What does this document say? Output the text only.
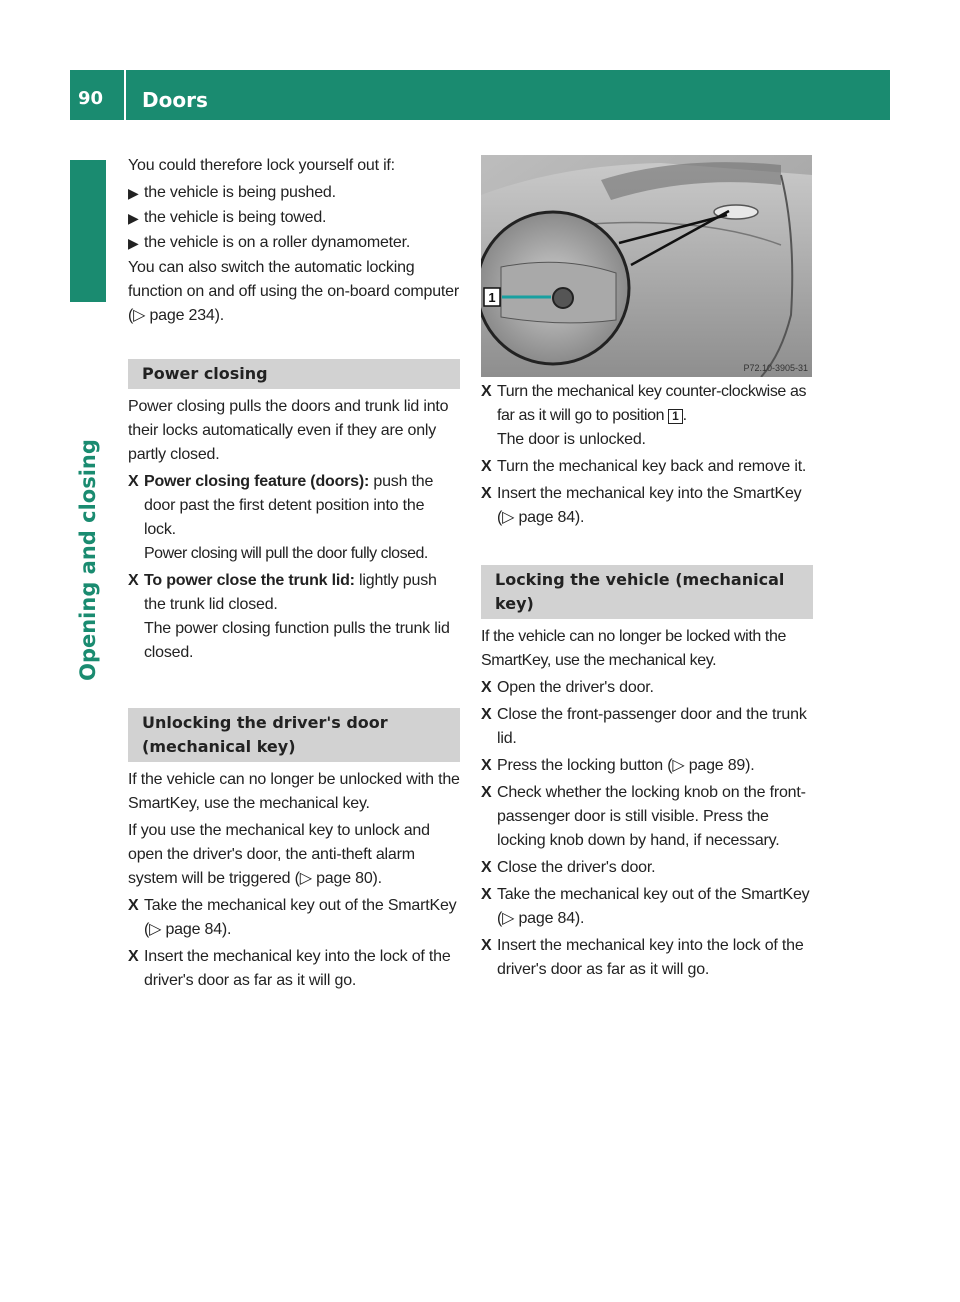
90 Doors
Opening and closing

You could therefore lock yourself out if:

▶ the vehicle is being pushed.
▶ the vehicle is being towed.
▶ the vehicle is on a roller dynamometer.

You can also switch the automatic locking function on and off using the on-board computer (▷ page 234).

Power closing

Power closing pulls the doors and trunk lid into their locks automatically even if they are only partly closed.

X Power closing feature (doors): push the door past the first detent position into the lock.
Power closing will pull the door fully closed.
X To power close the trunk lid: lightly push the trunk lid closed.
The power closing function pulls the trunk lid closed.
Unlocking the driver's door (mechanical key)

If the vehicle can no longer be unlocked with the SmartKey, use the mechanical key.

If you use the mechanical key to unlock and open the driver's door, the anti-theft alarm system will be triggered (▷ page 80).

X Take the mechanical key out of the SmartKey (▷ page 84).
X Insert the mechanical key into the lock of the driver's door as far as it will go.
1
P72.10-3905-31
X Turn the mechanical key counter-clockwise as far as it will go to position 1 .
The door is unlocked.
X Turn the mechanical key back and remove it.
X Insert the mechanical key into the SmartKey (▷ page 84).
Locking the vehicle (mechanical key)

If the vehicle can no longer be locked with the SmartKey, use the mechanical key.

X Open the driver's door.
X Close the front-passenger door and the trunk lid.
X Press the locking button (▷ page 89).
X Check whether the locking knob on the front-passenger door is still visible. Press the locking knob down by hand, if necessary.
X Close the driver's door.
X Take the mechanical key out of the SmartKey (▷ page 84).
X Insert the mechanical key into the lock of the driver's door as far as it will go.
